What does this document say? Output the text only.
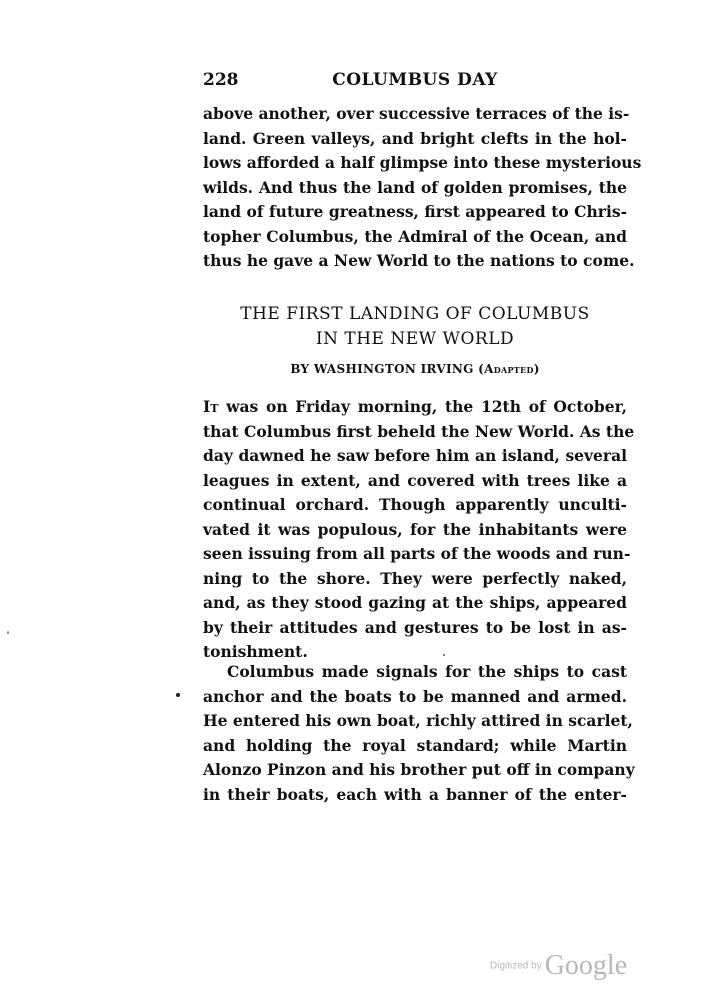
228	COLUMBUS DAY
above another, over successive terraces of the is-
land. Green valleys, and bright clefts in the hol-
lows afforded a half glimpse into these mysterious
wilds. And thus the land of golden promises, the
land of future greatness, first appeared to Chris-
topher Columbus, the Admiral of the Ocean, and
thus he gave a New World to the nations to come.
THE FIRST LANDING OF COLUMBUS
IN THE NEW WORLD
BY WASHINGTON IRVING (Adapted)
It was on Friday morning, the 12th of October,
that Columbus first beheld the New World. As the
day dawned he saw before him an island, several
leagues in extent, and covered with trees like a
continual orchard. Though apparently unculti-
vated it was populous, for the inhabitants were
seen issuing from all parts of the woods and run-
ning to the shore. They were perfectly naked,
and, as they stood gazing at the ships, appeared
by their attitudes and gestures to be lost in as-
tonishment.
Columbus made signals for the ships to cast
anchor and the boats to be manned and armed.
He entered his own boat, richly attired in scarlet,
and holding the royal standard; while Martin
Alonzo Pinzon and his brother put off in company
in their boats, each with a banner of the enter-
Digitized by Google
